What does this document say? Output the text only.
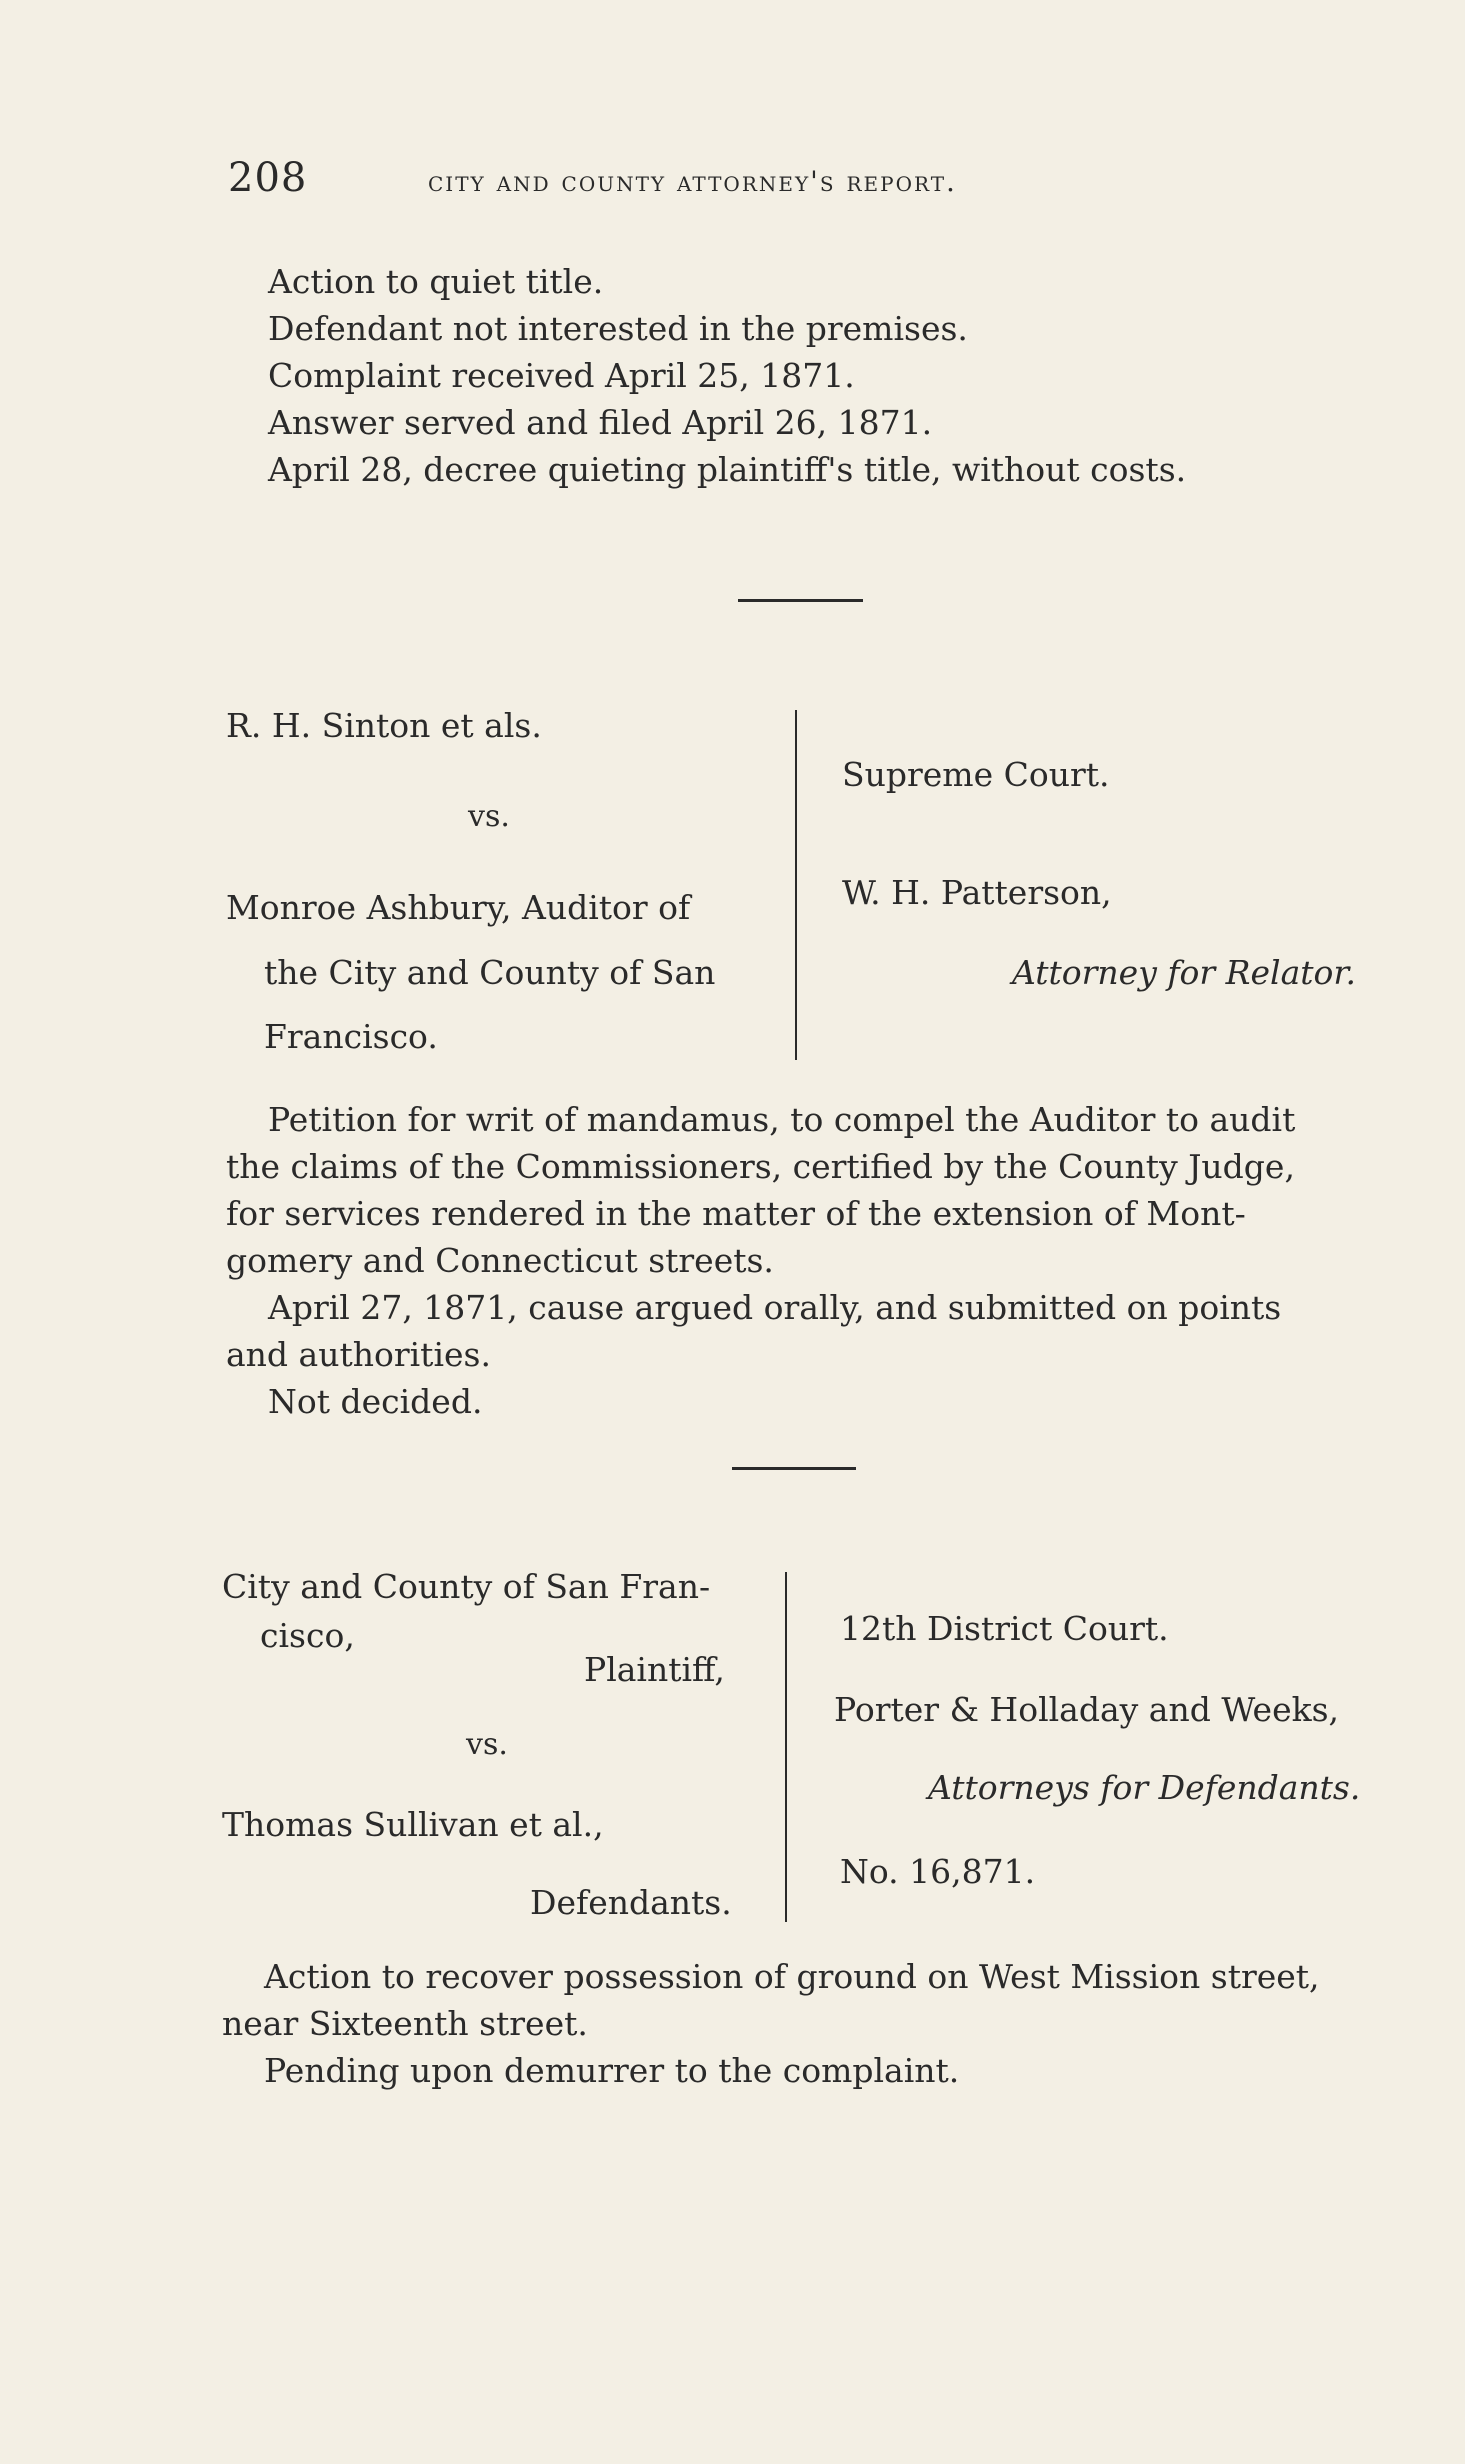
208	city and county attorney's report.
Action to quiet title.
Defendant not interested in the premises.
Complaint received April 25, 1871.
Answer served and filed April 26, 1871.
April 28, decree quieting plaintiff's title, without costs.
R. H. Sinton et als.
vs.
Monroe Ashbury, Auditor of
the City and County of San
Francisco.
Supreme Court.
W. H. Patterson,
Attorney for Relator.
Petition for writ of mandamus, to compel the Auditor to audit
the claims of the Commissioners, certified by the County Judge,
for services rendered in the matter of the extension of Mont-
gomery and Connecticut streets.
April 27, 1871, cause argued orally, and submitted on points
and authorities.
Not decided.
City and County of San Fran-
cisco,
Plaintiff,
vs.
Thomas Sullivan et al.,
Defendants.
12th District Court.
Porter & Holladay and Weeks,
Attorneys for Defendants.
No. 16,871.
Action to recover possession of ground on West Mission street,
near Sixteenth street.
Pending upon demurrer to the complaint.
